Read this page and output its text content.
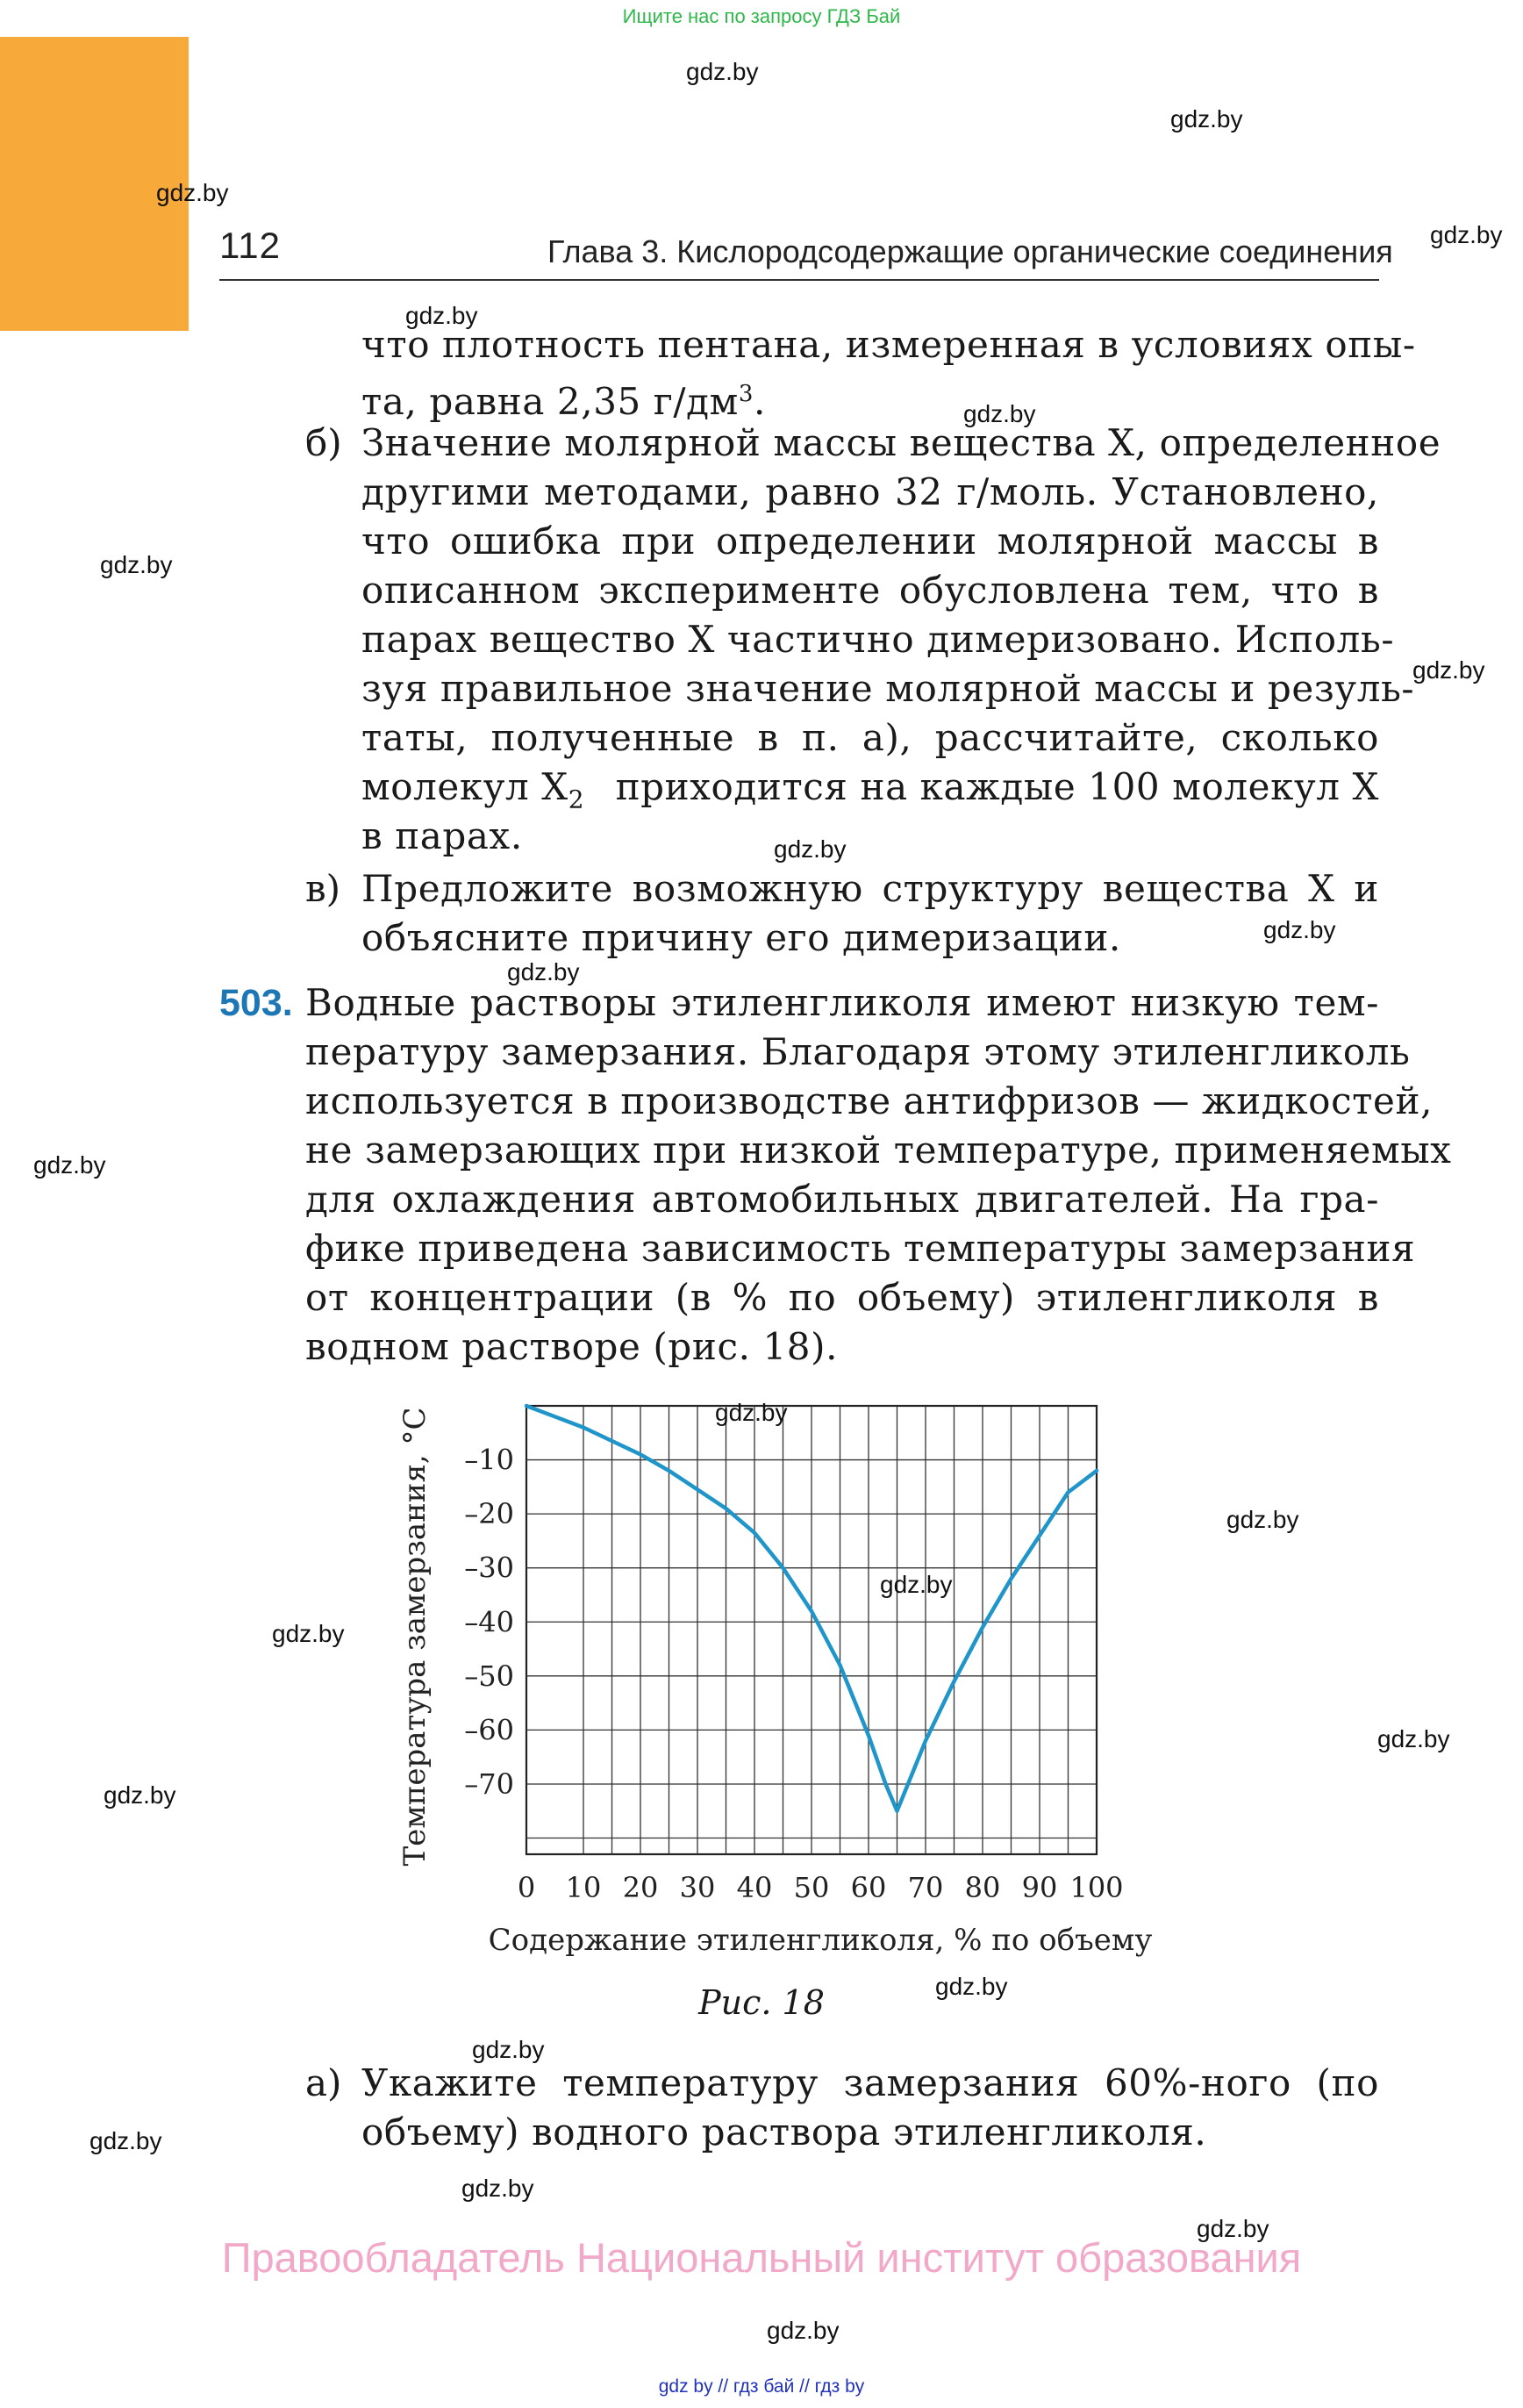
Ищите нас по запросу ГДЗ Бай
112	Глава 3. Кислородсодержащие органические соединения
что плотность пентана, измеренная в условиях опы-
та, равна 2,35 $г/дм^3$.
б) Значение молярной массы вещества X, определенное
другими методами, равно 32 г/моль. Установлено,
что ошибка при определении молярной массы в
описанном эксперименте обусловлена тем, что в
парах вещество X частично димеризовано. Исполь-
зуя правильное значение молярной массы и резуль-
таты, полученные в п. а), рассчитайте, сколько
молекул $X_2$ приходится на каждые 100 молекул X
в парах.
в) Предложите возможную структуру вещества X и
объясните причину его димеризации.
503. Водные растворы этиленгликоля имеют низкую тем-
пературу замерзания. Благодаря этому этиленгликоль
используется в производстве антифризов — жидкостей,
не замерзающих при низкой температуре, применяемых
для охлаждения автомобильных двигателей. На гра-
фике приведена зависимость температуры замерзания
от концентрации (в % по объему) этиленгликоля в
водном растворе (рис. 18).
–10
–20
–30
–40
–50
–60
–70
0 10 20 30 40 50 60 70 80 90 100
Температура замерзания, °C
Содержание этиленгликоля, % по объему
Рис. 18
а) Укажите температуру замерзания 60%-ного (по
объему) водного раствора этиленгликоля.
Правообладатель Национальный институт образования
gdz by // гдз бай // гдз by
gdz.by
gdz.by
gdz.by
gdz.by
gdz.by
gdz.by
gdz.by
gdz.by
gdz.by
gdz.by
gdz.by
gdz.by
gdz.by
gdz.by
gdz.by
gdz.by
gdz.by
gdz.by
gdz.by
gdz.by
gdz.by
gdz.by
gdz.by
gdz.by
